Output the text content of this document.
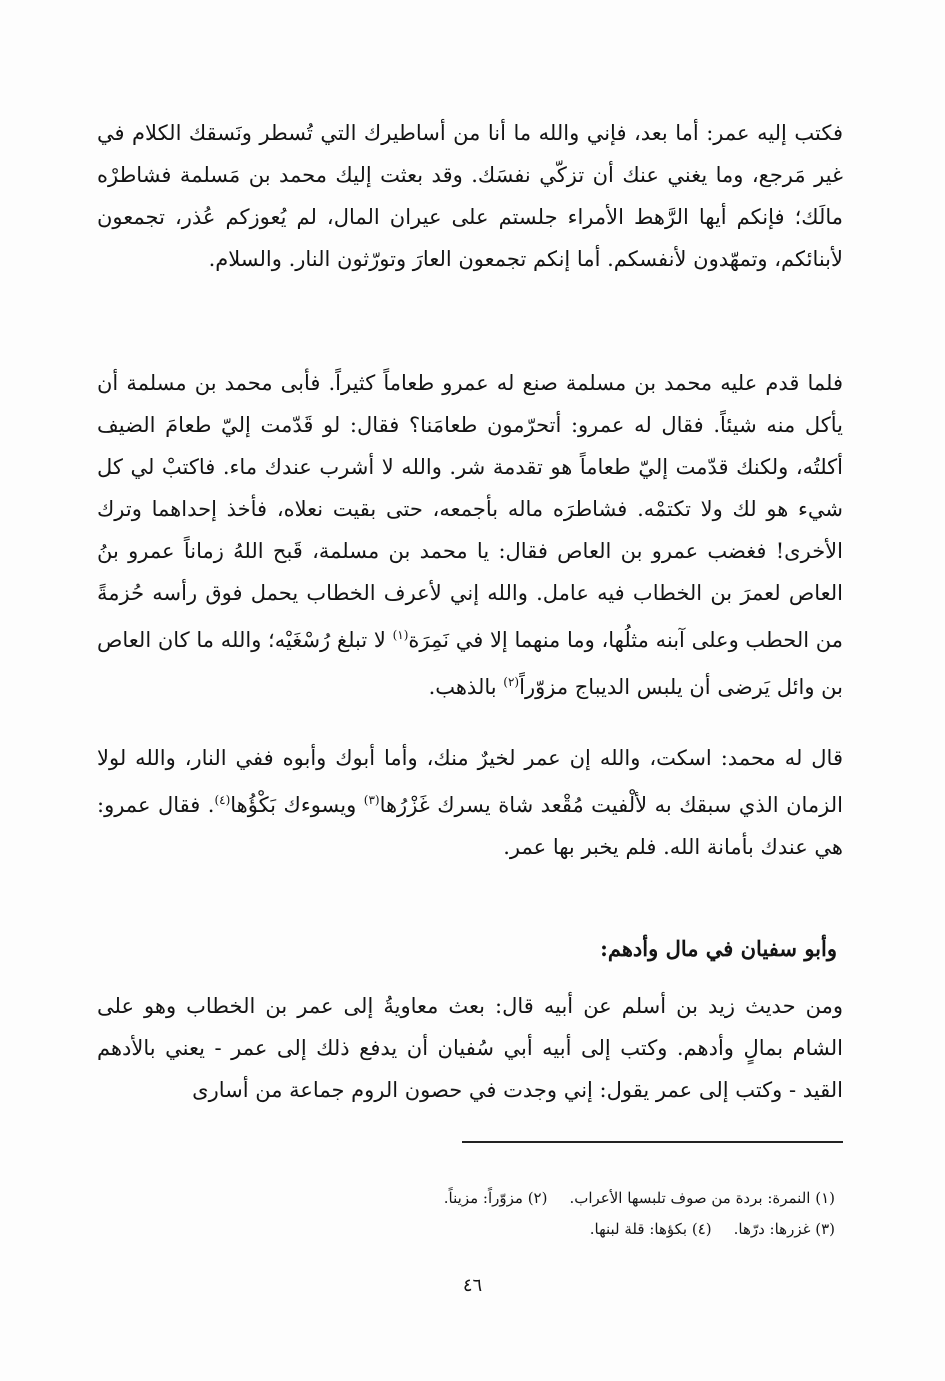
فكتب إليه عمر: أما بعد، فإني والله ما أنا من أساطيرك التي تُسطر ونَسقك الكلام في غير مَرجع، وما يغني عنك أن تزكّي نفسَك. وقد بعثت إليك محمد بن مَسلمة فشاطرْه مالَك؛ فإنكم أيها الرَّهط الأمراء جلستم على عيران المال، لم يُعوزكم عُذر، تجمعون لأبنائكم، وتمهّدون لأنفسكم. أما إنكم تجمعون العارَ وتورّثون النار. والسلام.

فلما قدم عليه محمد بن مسلمة صنع له عمرو طعاماً كثيراً. فأبى محمد بن مسلمة أن يأكل منه شيئاً. فقال له عمرو: أتحرّمون طعامَنا؟ فقال: لو قَدّمت إليّ طعامَ الضيف أكلتُه، ولكنك قدّمت إليّ طعاماً هو تقدمة شر. والله لا أشرب عندك ماء. فاكتبْ لي كل شيء هو لك ولا تكتمْه. فشاطرَه ماله بأجمعه، حتى بقيت نعلاه، فأخذ إحداهما وترك الأخرى! فغضب عمرو بن العاص فقال: يا محمد بن مسلمة، قَبح اللهُ زماناً عمرو بنُ العاص لعمرَ بن الخطاب فيه عامل. والله إني لأعرف الخطاب يحمل فوق رأسه حُزمةً من الحطب وعلى آبنه مثلُها، وما منهما إلا في نَمِرَة$^{(١)}$ لا تبلغ رُسْغَيْه؛ والله ما كان العاص بن وائل يَرضى أن يلبس الديباج مزوّراً$^{(٢)}$ بالذهب.

قال له محمد: اسكت، والله إن عمر لخيرٌ منك، وأما أبوك وأبوه ففي النار، والله لولا الزمان الذي سبقك به لألْفيت مُقْعد شاة يسرك غَزْرُها$^{(٣)}$ ويسوءك بَكْؤُها$^{(٤)}$. فقال عمرو: هي عندك بأمانة الله. فلم يخبر بها عمر.

وأبو سفيان في مال وأدهم:

ومن حديث زيد بن أسلم عن أبيه قال: بعث معاويةُ إلى عمر بن الخطاب وهو على الشام بمالٍ وأدهم. وكتب إلى أبيه أبي سُفيان أن يدفع ذلك إلى عمر - يعني بالأدهم القيد - وكتب إلى عمر يقول: إني وجدت في حصون الروم جماعة من أسارى

(١) النمرة: بردة من صوف تلبسها الأعراب.
(٢) مزوّراً: مزيناً.
(٣) غزرها: درّها.
(٤) بكؤها: قلة لبنها.
٤٦
